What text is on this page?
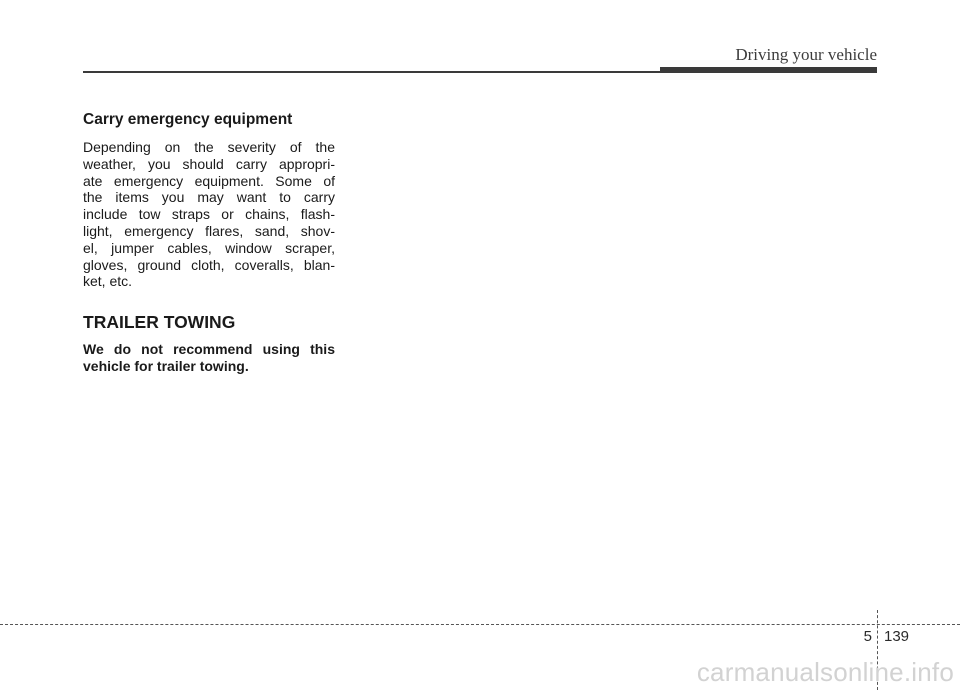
Driving your vehicle
Carry emergency equipment

Depending on the severity of the
weather, you should carry appropri-
ate emergency equipment. Some of
the items you may want to carry
include tow straps or chains, flash-
light, emergency flares, sand, shov-
el, jumper cables, window scraper,
gloves, ground cloth, coveralls, blan-
ket, etc.

TRAILER TOWING

We do not recommend using this
vehicle for trailer towing.

5 139
carmanualsonline.info
